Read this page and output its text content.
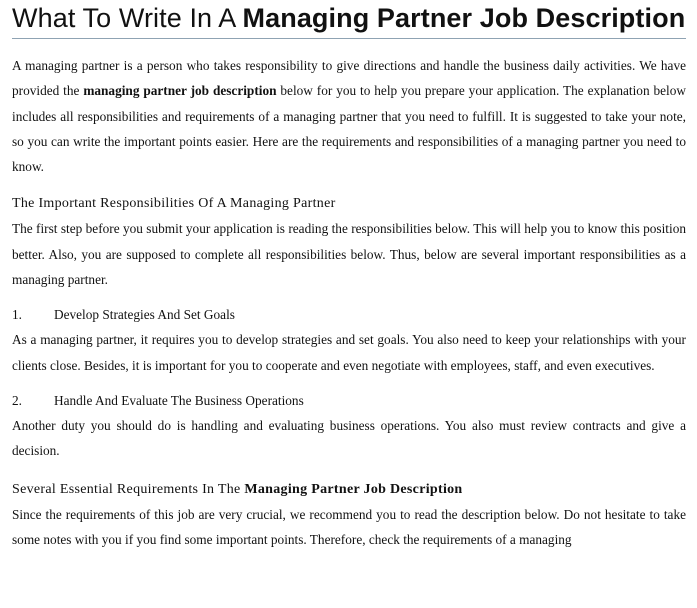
What To Write In A Managing Partner Job Description

A managing partner is a person who takes responsibility to give directions and handle the business daily activities. We have provided the managing partner job description below for you to help you prepare your application. The explanation below includes all responsibilities and requirements of a managing partner that you need to fulfill. It is suggested to take your note, so you can write the important points easier. Here are the requirements and responsibilities of a managing partner you need to know.

The Important Responsibilities Of A Managing Partner

The first step before you submit your application is reading the responsibilities below. This will help you to know this position better. Also, you are supposed to complete all responsibilities below. Thus, below are several important responsibilities as a managing partner.

1.	Develop Strategies And Set Goals

As a managing partner, it requires you to develop strategies and set goals. You also need to keep your relationships with your clients close. Besides, it is important for you to cooperate and even negotiate with employees, staff, and even executives.

2.	Handle And Evaluate The Business Operations

Another duty you should do is handling and evaluating business operations. You also must review contracts and give a decision.

Several Essential Requirements In The Managing Partner Job Description

Since the requirements of this job are very crucial, we recommend you to read the description below. Do not hesitate to take some notes with you if you find some important points. Therefore, check the requirements of a managing
